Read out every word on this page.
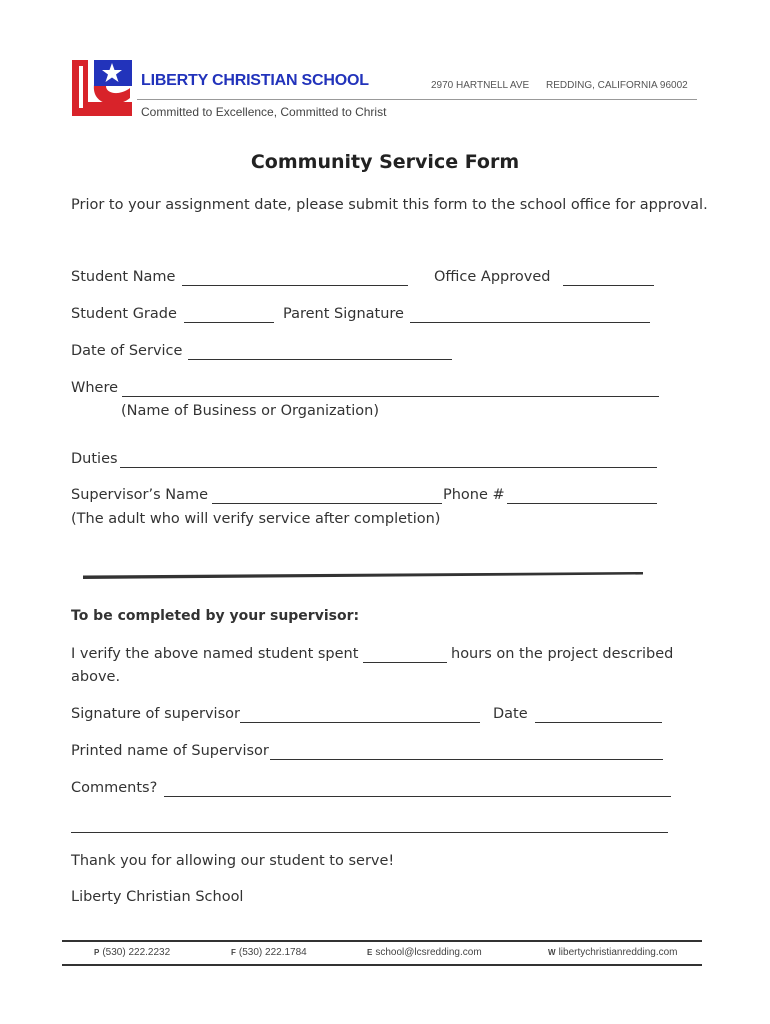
LIBERTY CHRISTIAN SCHOOL	2970 HARTNELL AVE REDDING, CALIFORNIA 96002
Committed to Excellence, Committed to Christ
Community Service Form
Prior to your assignment date, please submit this form to the school office for approval.
Student Name	Office Approved
Student Grade	Parent Signature
Date of Service
Where
(Name of Business or Organization)
Duties
Supervisor’s Name	Phone #
(The adult who will verify service after completion)
To be completed by your supervisor:
I verify the above named student spent	hours on the project described
above.
Signature of supervisor	Date
Printed name of Supervisor
Comments?
Thank you for allowing our student to serve!
Liberty Christian School
P (530) 222.2232	F (530) 222.1784	E school@lcsredding.com	W libertychristianredding.com
